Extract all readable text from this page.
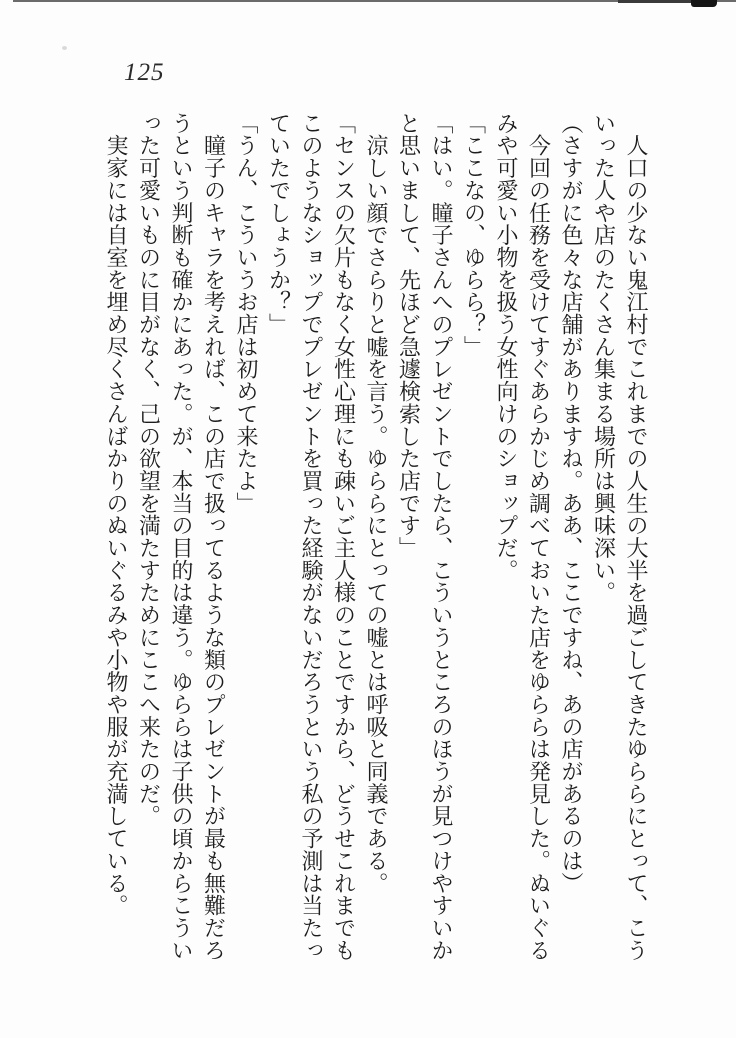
125

　人口の少ない鬼江村でこれまでの人生の大半を過ごしてきたゆららにとって、こう

いった人や店のたくさん集まる場所は興味深い。

（さすがに色々な店舗がありますね。ああ、ここですね、あの店があるのは）

　今回の任務を受けてすぐあらかじめ調べておいた店をゆららは発見した。ぬいぐる

みや可愛い小物を扱う女性向けのショップだ。

「ここなの、ゆらら？」

「はい。瞳子さんへのプレゼントでしたら、こういうところのほうが見つけやすいか

と思いまして、先ほど急遽検索した店です」

　涼しい顔でさらりと嘘を言う。ゆららにとっての嘘とは呼吸と同義である。

「センスの欠片もなく女性心理にも疎いご主人様のことですから、どうせこれまでも

このようなショップでプレゼントを買った経験がないだろうという私の予測は当たっ

ていたでしょうか？」

「うん、こういうお店は初めて来たよ」

　瞳子のキャラを考えれば、この店で扱ってるような類のプレゼントが最も無難だろ

うという判断も確かにあった。が、本当の目的は違う。ゆららは子供の頃からこうい

った可愛いものに目がなく、己の欲望を満たすためにここへ来たのだ。

　実家には自室を埋め尽くさんばかりのぬいぐるみや小物や服が充満している。
